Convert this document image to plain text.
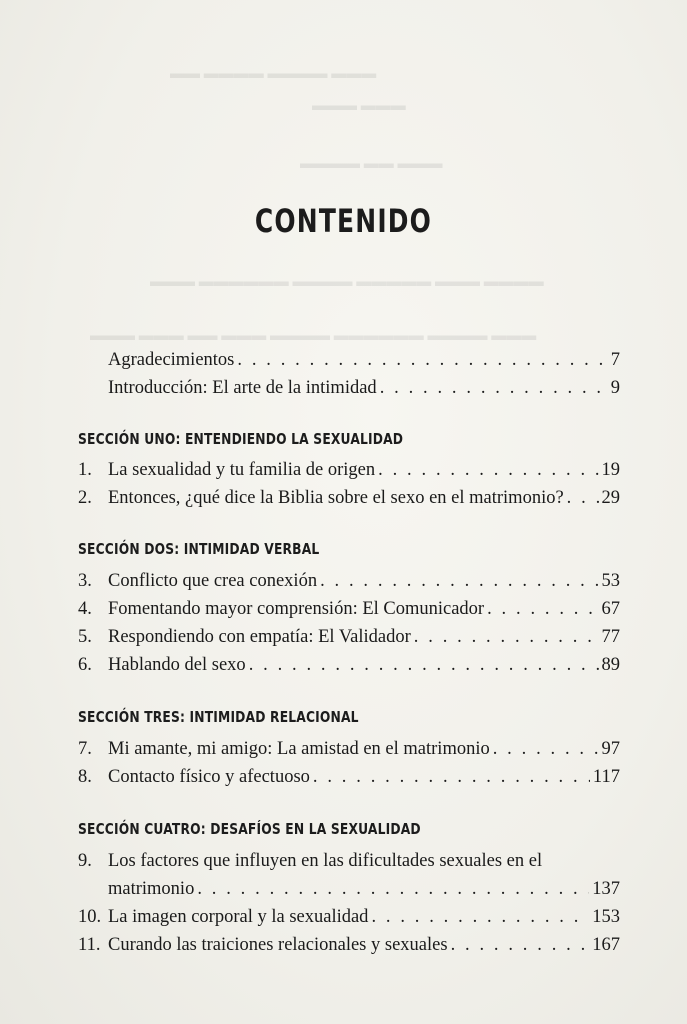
▬▬ ▬▬▬▬ ▬▬▬▬ ▬▬▬
▬▬▬ ▬▬▬
▬▬▬▬ ▬▬ ▬▬▬
▬▬▬ ▬▬▬▬▬▬ ▬▬▬▬ ▬▬▬▬▬ ▬▬▬ ▬▬▬▬
▬▬▬ ▬▬▬ ▬▬ ▬▬▬ ▬▬▬▬ ▬▬▬▬▬▬ ▬▬▬▬ ▬▬▬
CONTENIDO
Agradecimientos . . .	7
Introducción: El arte de la intimidad . . .	9
SECCIÓN UNO: ENTENDIENDO LA SEXUALIDAD
1. La sexualidad y tu familia de origen . . .	19
2. Entonces, ¿qué dice la Biblia sobre el sexo en el matrimonio? . . . 29
SECCIÓN DOS: INTIMIDAD VERBAL
3. Conflicto que crea conexión . . .	53
4. Fomentando mayor comprensión: El Comunicador . . .	67
5. Respondiendo con empatía: El Validador . . .	77
6. Hablando del sexo . . .	89
SECCIÓN TRES: INTIMIDAD RELACIONAL
7. Mi amante, mi amigo: La amistad en el matrimonio . . .	97
8. Contacto físico y afectuoso . . .	117
SECCIÓN CUATRO: DESAFÍOS EN LA SEXUALIDAD
9. Los factores que influyen en las dificultades sexuales en el
matrimonio . . .	137
10. La imagen corporal y la sexualidad . . .	153
11. Curando las traiciones relacionales y sexuales . . .	167
